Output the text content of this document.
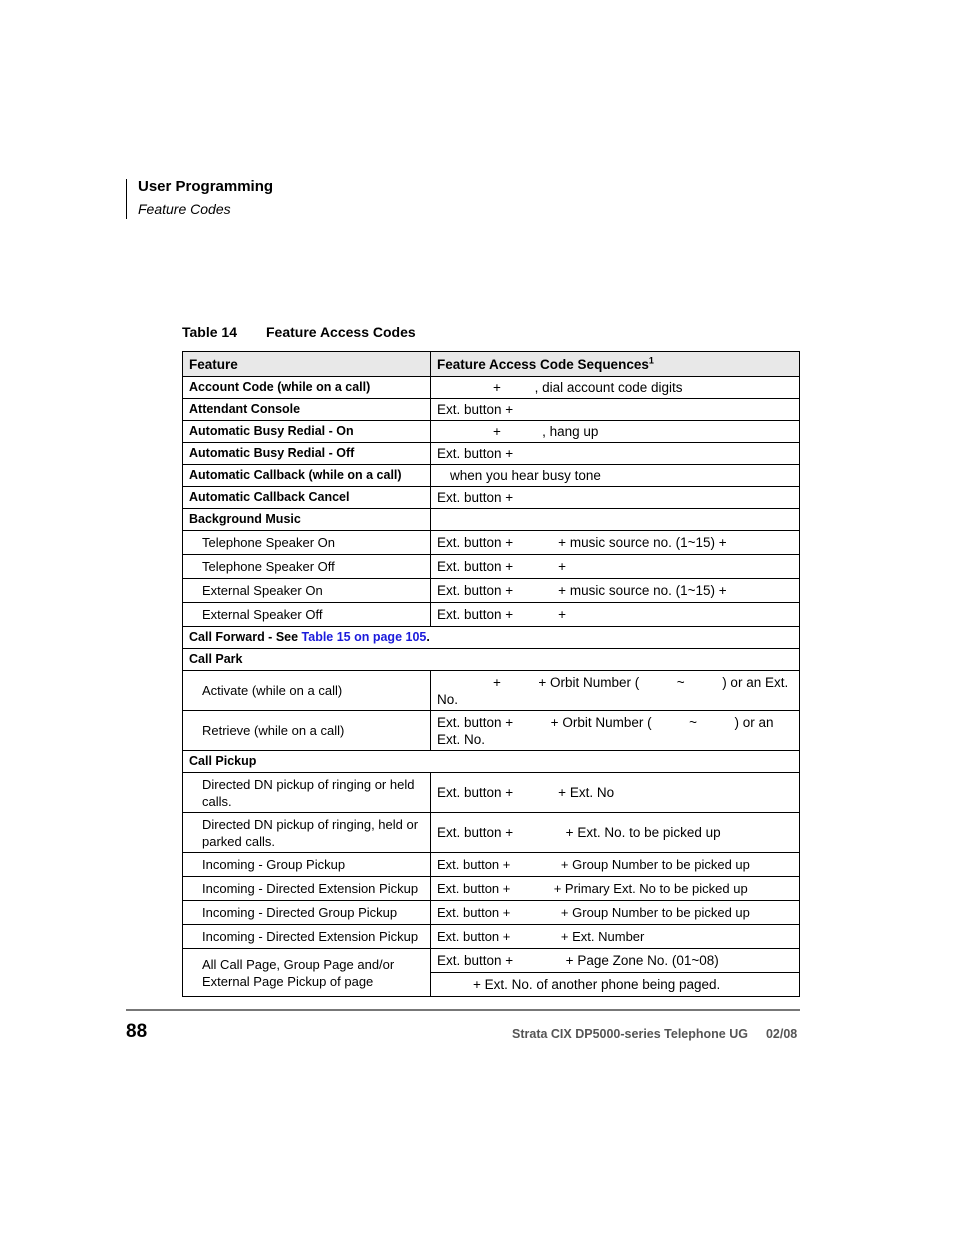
User Programming
Feature Codes
Table 14 Feature Access Codes
Feature	Feature Access Code Sequences$^1$
Account Code (while on a call)	+         , dial account code digits
Attendant Console	Ext. button +
Automatic Busy Redial - On	+           , hang up
Automatic Busy Redial - Off	Ext. button +
Automatic Callback (while on a call)	when you hear busy tone
Automatic Callback Cancel	Ext. button +
Background Music	
Telephone Speaker On	Ext. button +            + music source no. (1~15) +
Telephone Speaker Off	Ext. button +            +
External Speaker On	Ext. button +            + music source no. (1~15) +
External Speaker Off	Ext. button +            +
Call Forward - See Table 15 on page 105.	
Call Park	
Activate (while on a call)	+          + Orbit Number (          ~          ) or an Ext. No.
Retrieve (while on a call)	Ext. button +          + Orbit Number (          ~          ) or an Ext. No.
Call Pickup	
Directed DN pickup of ringing or held calls.	Ext. button +            + Ext. No
Directed DN pickup of ringing, held or parked calls.	Ext. button +              + Ext. No. to be picked up
Incoming - Group Pickup	Ext. button +              + Group Number to be picked up
Incoming - Directed Extension Pickup	Ext. button +            + Primary Ext. No to be picked up
Incoming - Directed Group Pickup	Ext. button +              + Group Number to be picked up
Incoming - Directed Extension Pickup	Ext. button +              + Ext. Number
All Call Page, Group Page and/or External Page Pickup of page	Ext. button +              + Page Zone No. (01~08)
	+ Ext. No. of another phone being paged.
88	Strata CIX DP5000-series Telephone UG 02/08
